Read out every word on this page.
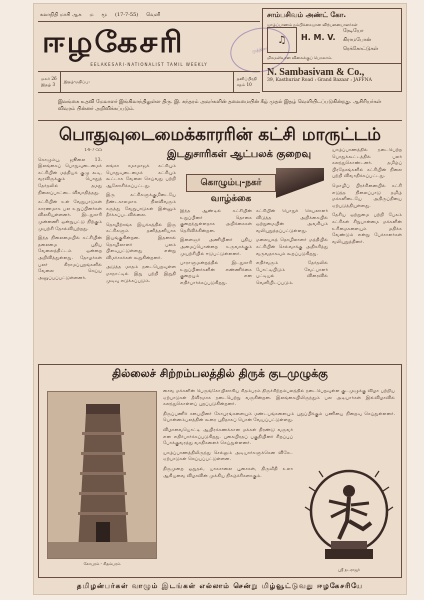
கலாநிதி மாசி ஆக ம மூ (17-7-55) வெளி
ஈழகேசரி
EELAKESARI-NATIONALIST TAMIL WEEKLY
முத்திரை
மலர் 26
இதழ் 3
இதழ்-மதிப்பு:
தனிப்பிரதி
சதம் 10
சாம்பசிவம் அண்ட் கோ.
யாழ்ப்பாணம் நம்பிக்கையான விற்பனையாளர்கள்
♫	H. M. V.
ரேடியோ
கிராமபோன்
ரெக்கோட்டுகள்
மிகமலிவான விலைக்குப் பெறலாம்.
N. Sambasivam & Co.,
39, Kasthuriar Road : Grand Bazaar : JAFFNA
இலங்கை உதவி மேலாளர் இங்கிலாந்திலுள்ள திரு. இ. சுந்தரம் அவர்களின் தலைமையின் கீழ் முதல் இதழ் வெளியிடப்படுகின்றது. ஆசிரியர்கள் விவரம் பின்னர் அறிவிக்கப்படும்.
பொதுவுடைமைக்காரரின் கட்சி மாருட்டம்
இடதுசாரிகள் ஆட்பலக் குறைவு

14-7-55

கொழும்பு, ஜூலை 13. இலங்கைப் பொதுவுடைமைக் கட்சியின் மத்தியக் குழு கூடி, வரவிருக்கும் பொதுத் தேர்தலில் தமது நிலைப்பாட்டை விவாதித்தது.

கட்சியின் உள் வேறுபாடுகள் காரணமாக பல உறுப்பினர்கள் விலகியுள்ளனர். இடதுசாரி முன்னணி ஒன்றுபட்டு நிற்கும் முயற்சி தோல்வியுற்றது.

இந்த நிலைமையில் கட்சியின் தலைமை புதிய வேலைத்திட்டம் ஒன்றை அறிவித்துள்ளது. தோழர்கள் பலர் கிராமப்புறங்களில் வேலை செய்ய அனுப்பப்பட்டுள்ளனர்.

லங்கா சமசமாஜக் கட்சியும் பொதுவுடைமைக் கட்சியும் கூட்டாக வேலை செய்வது பற்றி ஆலோசிக்கப்பட்டது.

இரு கட்சிகளுக்குமிடையே நீண்டகாலமாக நிலவிவரும் கருத்து வேறுபாடுகள் இன்னும் தீர்க்கப்படவில்லை.

தொழிற்சங்க இயக்கத்தில் இரு கட்சிகளும் தனித்தனியாக இயங்குகின்றன. இதனால் தொழிலாளர் பலம் பிளவுபட்டுள்ளது என்று விமர்சகர்கள் கூறுகின்றனர்.

அடுத்த மாதம் நடைபெறவுள்ள மாநாட்டில் இது பற்றி இறுதி முடிவு எடுக்கப்படும்.

கொழும்பு-நகர் வாழ்க்கை

இந்த ஆண்டில் கட்சியின் உறுப்பினர் தொகை குறைந்துள்ளதாக அறிக்கைகள் தெரிவிக்கின்றன.

இளைஞர் அணியினர் புதிய அமைப்பொன்றை உருவாக்கும் முயற்சியில் ஈடுபட்டுள்ளனர்.

பாராளுமன்றத்தில் இடதுசாரி உறுப்பினர்களின் எண்ணிக்கை குறையும் என எதிர்பார்க்கப்படுகிறது.

கட்சியின் பொதுச் செயலாளர் விடுத்த அறிக்கையில் ஒற்றுமையின் அவசியம் வலியுறுத்தப்பட்டுள்ளது.

மலையகத் தொழிலாளர் மத்தியில் கட்சியின் செல்வாக்கு அதிகரித்து வருவதாகவும் கூறப்படுகிறது.

எதிர்வரும் தேர்தலில் போட்டியிடும் வேட்பாளர் பட்டியல் விரைவில் வெளியிடப்படும்.

யாழ்ப்பாணத்தில் நடைபெற்ற பொதுக்கூட்டத்தில் பலர் கலந்துகொண்டனர். தமிழ்ப் பிரதேசங்களில் கட்சியின் நிலை பற்றி விவாதிக்கப்பட்டது.

மொழிப் பிரச்சினையில் கட்சி எடுத்த நிலைப்பாடு தமிழ் மக்களிடையே அதிருப்தியை ஏற்படுத்தியுள்ளது.

தேசிய ஒற்றுமை பற்றி பேசும் கட்சிகள் சிறுபான்மை மக்களின் உரிமைகளையும் மதிக்க வேண்டும் என்று பேச்சாளர்கள் வலியுறுத்தினர்.

தில்லைச் சிற்றம்பலத்தில் திருக் குடமுழுக்கு
கோபுரம் - சிதம்பரம்

சைவ மக்களின் பெருங்கோயிலாகிய சிதம்பரம் திருச்சிற்றம்பலத்தில் நடைபெறவுள்ள குடமுழுக்கு விழா பற்றிய ஏற்பாடுகள் தீவிரமாக நடைபெற்று வருகின்றன. இலங்கையிலிருந்தும் பல அடியார்கள் இவ்விழாவில் கலந்துகொள்ளப் புறப்படுகின்றனர்.

திருப்பணிச் சபையினர் கோபுரங்களையும் மண்டபங்களையும் புதுப்பிக்கும் பணியை நிறைவு செய்துள்ளனர். பொன்னம்பலத்தின் கூரை புதிதாகப் பொன் வேயப்பட்டுள்ளது.

விழாவையொட்டி ஆயிரக்கணக்கான மக்கள் திரண்டு வருவர் என எதிர்பார்க்கப்படுகிறது. புகையிரதப் பகுதியினர் சிறப்புப் போக்குவரத்து வசதிகளைச் செய்துள்ளனர்.

யாழ்ப்பாணத்திலிருந்து செல்லும் அடியார்களுக்கென விசேட ஏற்பாடுகள் செய்யப்பட்டுள்ளன.

திருமுறை ஓதுதல், யாகசாலை பூசைகள், திருவீதி உலா ஆகியவை விழாவின் முக்கிய நிகழ்ச்சிகளாகும்.

ஸ்ரீ நடராஜர்
தமிழன்பர்கள் வாழும் இடங்கள் எல்லாம் சென்று மிழ்வூட்டுவது ஈழகேசரியே
